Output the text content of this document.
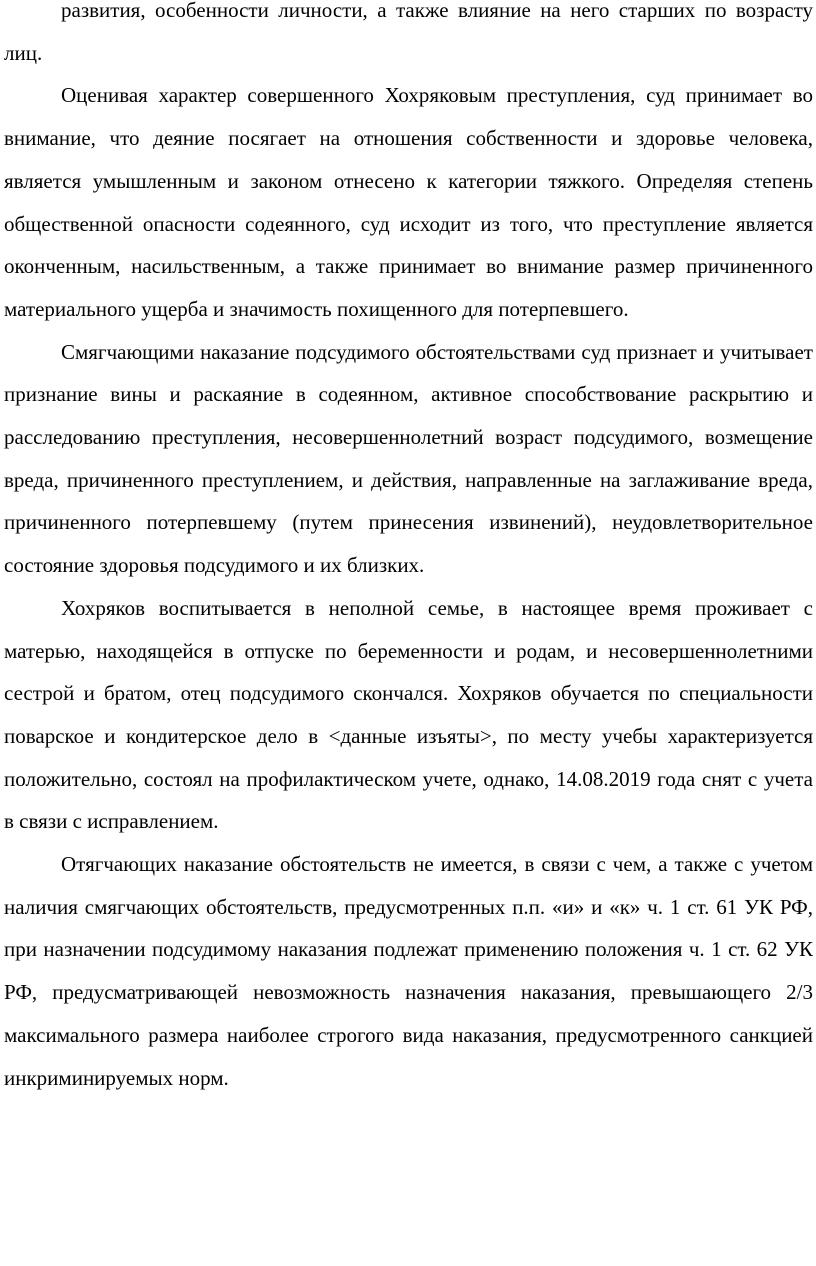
развития, особенности личности, а также влияние на него старших по возрасту лиц.

Оценивая характер совершенного Хохряковым преступления, суд принимает во внимание, что деяние посягает на отношения собственности и здоровье человека, является умышленным и законом отнесено к категории тяжкого. Определяя степень общественной опасности содеянного, суд исходит из того, что преступление является оконченным, насильственным, а также принимает во внимание размер причиненного материального ущерба и значимость похищенного для потерпевшего.

Смягчающими наказание подсудимого обстоятельствами суд признает и учитывает признание вины и раскаяние в содеянном, активное способствование раскрытию и расследованию преступления, несовершеннолетний возраст подсудимого, возмещение вреда, причиненного преступлением, и действия, направленные на заглаживание вреда, причиненного потерпевшему (путем принесения извинений), неудовлетворительное состояние здоровья подсудимого и их близких.

Хохряков воспитывается в неполной семье, в настоящее время проживает с матерью, находящейся в отпуске по беременности и родам, и несовершеннолетними сестрой и братом, отец подсудимого скончался. Хохряков обучается по специальности поварское и кондитерское дело в <данные изъяты>, по месту учебы характеризуется положительно, состоял на профилактическом учете, однако, 14.08.2019 года снят с учета в связи с исправлением.

Отягчающих наказание обстоятельств не имеется, в связи с чем, а также с учетом наличия смягчающих обстоятельств, предусмотренных п.п. «и» и «к» ч. 1 ст. 61 УК РФ, при назначении подсудимому наказания подлежат применению положения ч. 1 ст. 62 УК РФ, предусматривающей невозможность назначения наказания, превышающего 2/3 максимального размера наиболее строгого вида наказания, предусмотренного санкцией инкриминируемых норм.
